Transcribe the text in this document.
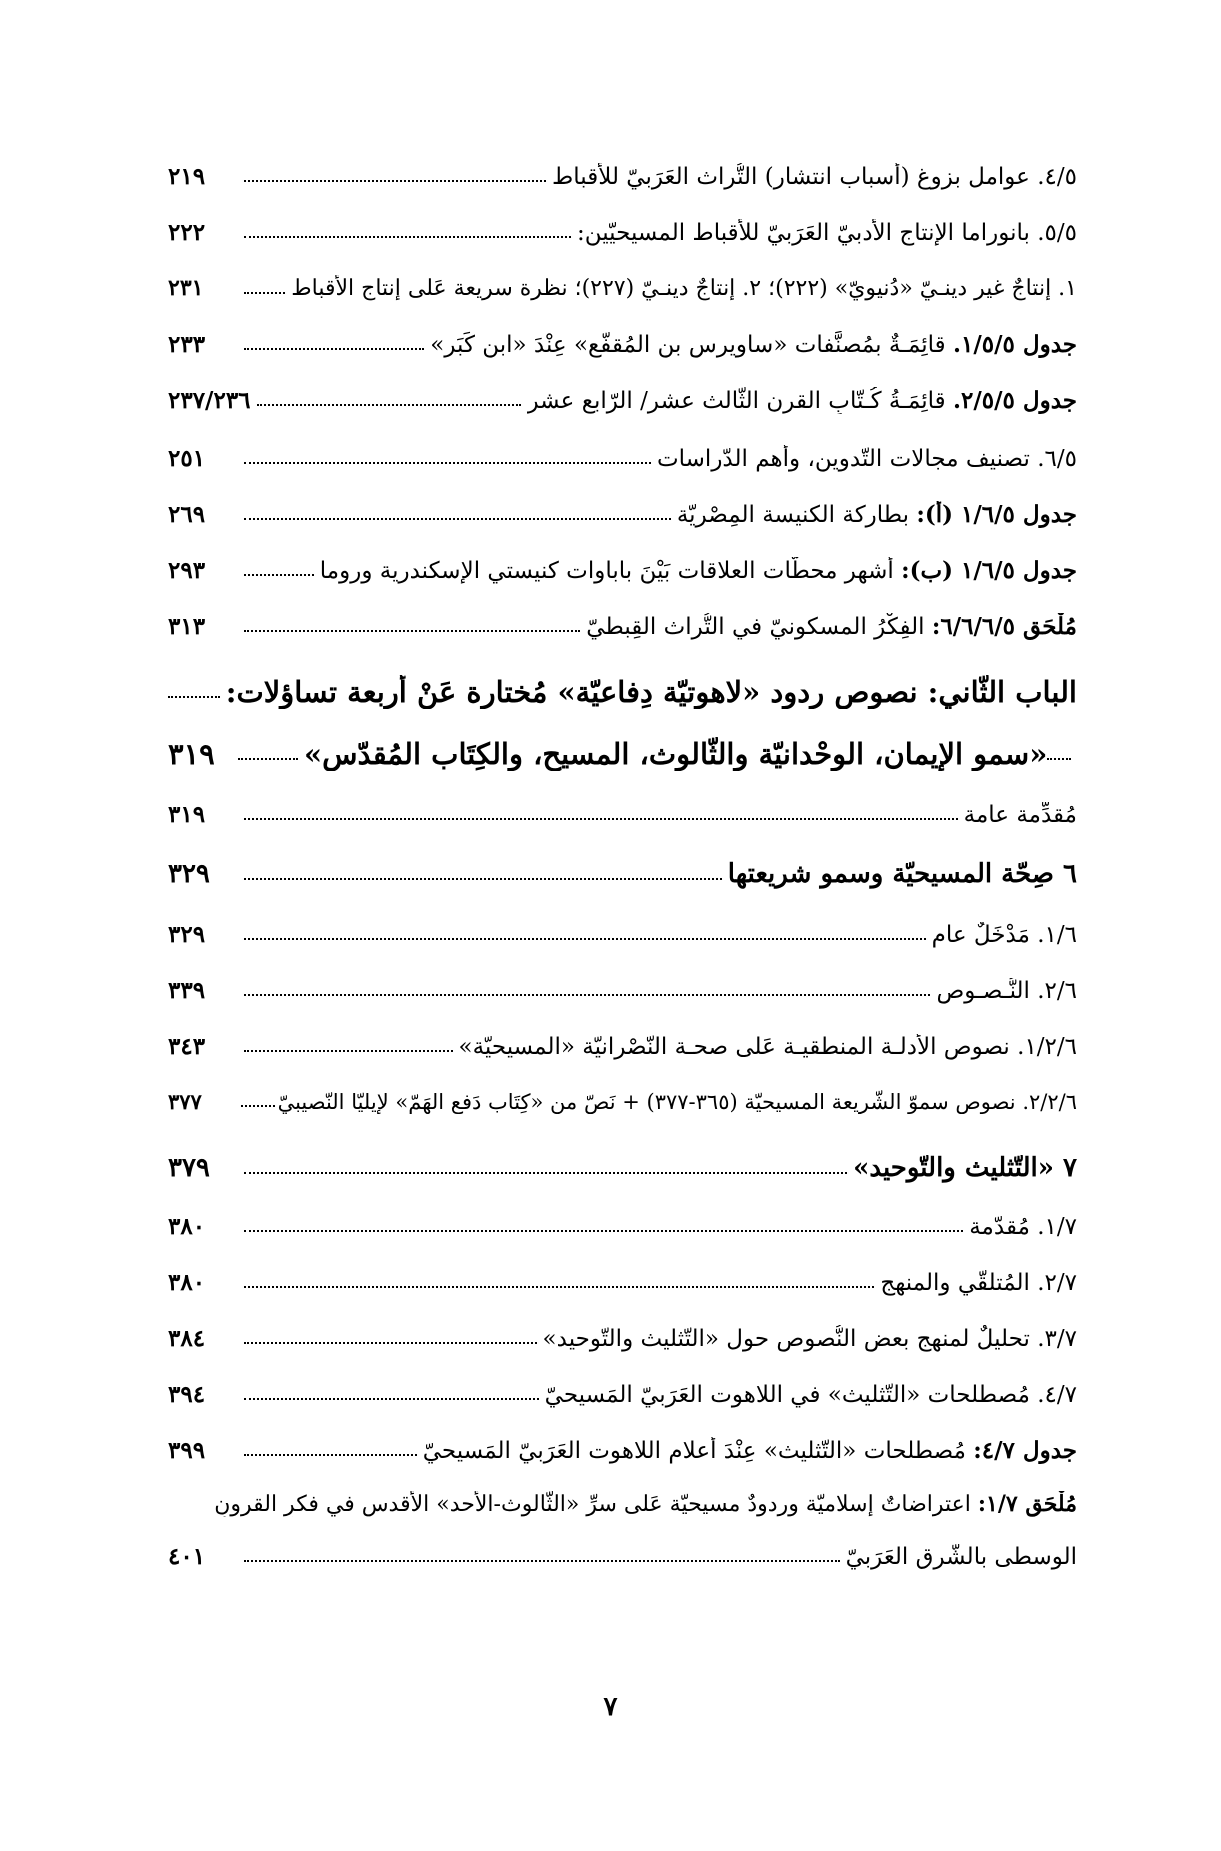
٤/٥. عوامل بزوغ (أسباب انتشار) التُّراث العَرَبيّ للأقباط
٢١٩
٥/٥. بانوراما الإنتاج الأدبيّ العَرَبيّ للأقباط المسيحيّين:
٢٢٢
١. إنتاجٌ غير دينـيّ «دُنيويّ» (٢٢٢)؛ ٢. إنتاجٌ دينـيّ (٢٢٧)؛ نظرة سريعة عَلى إنتاج الأقباط
٢٣١
جدول ١/٥/٥. قائِمَـةٌ بمُصنَّفات «ساويرس بن المُقفّع» عِنْدَ «ابن كَبَر»
٢٣٣
جدول ٢/٥/٥. قائِمَـةُ كُـتّابِ القرن الثّالث عشر/ الرّابع عشر
٢٣٧/٢٣٦
٦/٥. تصنيف مجالات التّدوين، وأهم الدّراسات
٢٥١
جدول ١/٦/٥ (أ): بطاركة الكنيسة المِصْريّة
٢٦٩
جدول ١/٦/٥ (ب): أشهر محطّات العلاقات بَيْنَ باباوات كنيستي الإسكندرية وروما
٢٩٣
مُلْحَق ٦/٦/٦/٥: الفِكْرُ المسكونيّ في التُّراث القِبطيّ
٣١٣
الباب الثّاني: نصوص ردود «لاهوتيّة دِفاعيّة» مُختارة عَنْ أربعة تساؤلات:
«سمو الإيمان، الوِحْدانيّة والثّالوث، المسيح، والكِتَاب المُقدّس»
٣١٩
مُقدِّمة عامة
٣١٩
٦ صِحّة المسيحيّة وسمو شريعتها
٣٢٩
١/٦. مَدْخَلٌ عام
٣٢٩
٢/٦. النُّـصـوص
٣٣٩
١/٢/٦. نصوص الأدلـة المنطقيـة عَلى صحـة النّصْرانيّة «المسيحيّة»
٣٤٣
٢/٢/٦. نصوص سموّ الشّريعة المسيحيّة (٣٦٥-٣٧٧) + نَصّ من «كِتَاب دَفع الهَمّ» لإيليّا النّصيبيّ
٣٧٧
٧ «التّثليث والتّوحيد»
٣٧٩
١/٧. مُقدّمة
٣٨٠
٢/٧. المُتلقّي والمنهج
٣٨٠
٣/٧. تحليلٌ لمنهج بعضِ النُّصوصِ حول «التّثليث والتّوحيد»
٣٨٤
٤/٧. مُصطلحات «التّثليث» في اللاهوت العَرَبيّ المَسيحيّ
٣٩٤
جدول ٤/٧: مُصطلحات «التّثليث» عِنْدَ أعلام اللاهوت العَرَبيّ المَسيحيّ
٣٩٩
مُلْحَق ١/٧: اعتراضاتٌ إسلاميّة وردودٌ مسيحيّة عَلى سرِّ «الثّالوث-الأحد» الأقدس في فكرِ القرونِ
الوسطى بالشّرق العَرَبيّ
٤٠١
٧
